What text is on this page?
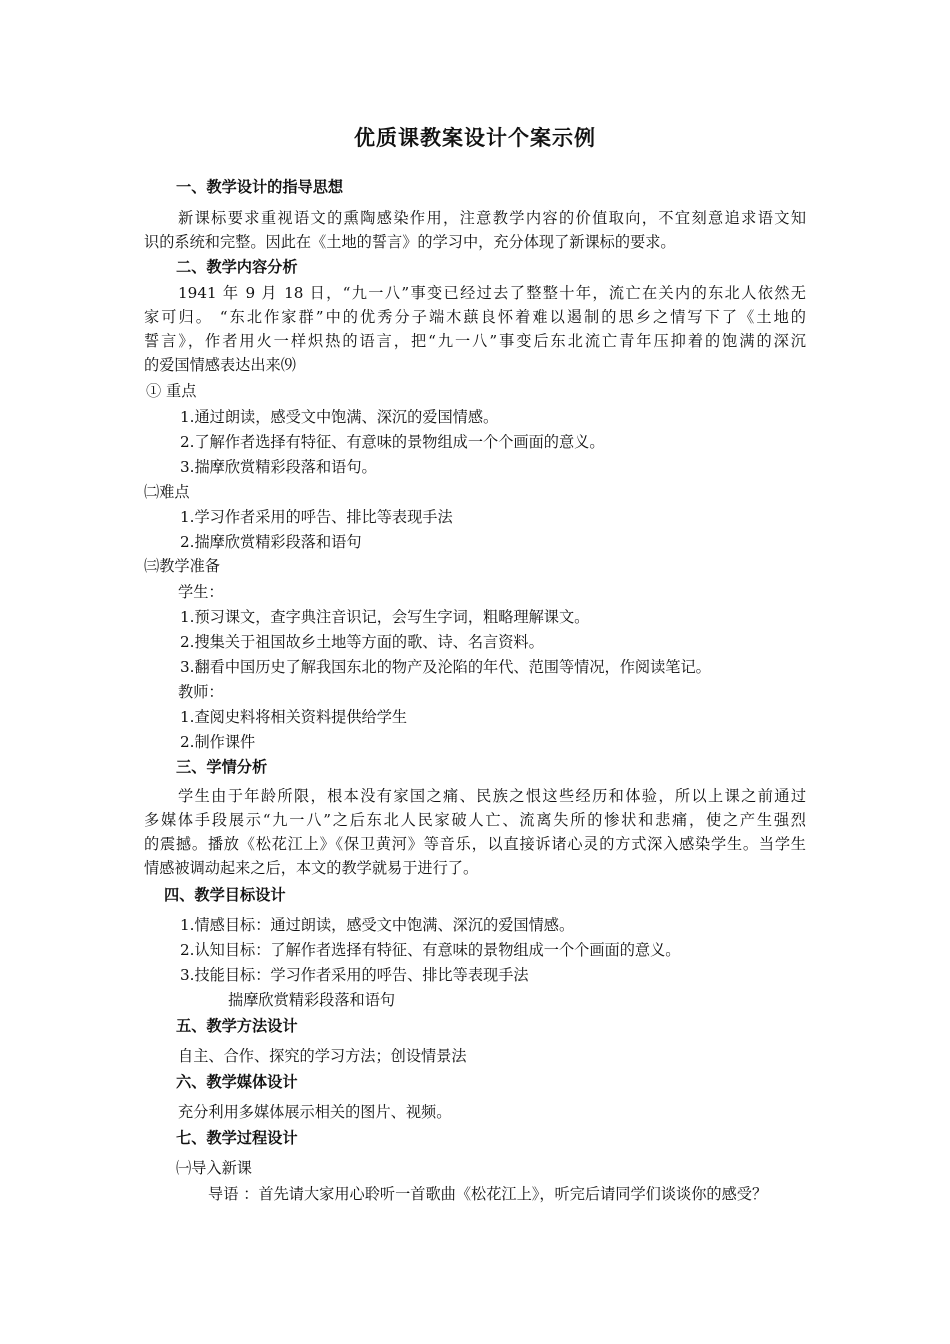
优质课教案设计个案示例
一、教学设计的指导思想
新课标要求重视语文的熏陶感染作用，注意教学内容的价值取向，不宜刻意追求语文知
识的系统和完整。因此在《土地的誓言》的学习中，充分体现了新课标的要求。
二、教学内容分析
1941 年 9 月 18 日，“九一八”事变已经过去了整整十年，流亡在关内的东北人依然无
家可归。 “东北作家群”中的优秀分子端木蕻良怀着难以遏制的思乡之情写下了《土地的
誓言》，作者用火一样炽热的语言，把“九一八”事变后东北流亡青年压抑着的饱满的深沉
的爱国情感表达出来⑼
① 重点
1.通过朗读，感受文中饱满、深沉的爱国情感。
2.了解作者选择有特征、有意味的景物组成一个个画面的意义。
3.揣摩欣赏精彩段落和语句。
㈡难点
1.学习作者采用的呼告、排比等表现手法
2.揣摩欣赏精彩段落和语句
㈢教学准备
学生：
1.预习课文，查字典注音识记，会写生字词，粗略理解课文。
2.搜集关于祖国故乡土地等方面的歌、诗、名言资料。
3.翻看中国历史了解我国东北的物产及沦陷的年代、范围等情况，作阅读笔记。
教师：
1.查阅史料将相关资料提供给学生
2.制作课件
三、学情分析
学生由于年龄所限，根本没有家国之痛、民族之恨这些经历和体验，所以上课之前通过
多媒体手段展示“九一八”之后东北人民家破人亡、流离失所的惨状和悲痛，使之产生强烈
的震撼。播放《松花江上》《保卫黄河》等音乐，以直接诉诸心灵的方式深入感染学生。当学生
情感被调动起来之后，本文的教学就易于进行了。
四、教学目标设计
1.情感目标：通过朗读，感受文中饱满、深沉的爱国情感。
2.认知目标：了解作者选择有特征、有意味的景物组成一个个画面的意义。
3.技能目标：学习作者采用的呼告、排比等表现手法
揣摩欣赏精彩段落和语句
五、教学方法设计
自主、合作、探究的学习方法；创设情景法
六、教学媒体设计
充分利用多媒体展示相关的图片、视频。
七、教学过程设计
㈠导入新课
导语 ：首先请大家用心聆听一首歌曲《松花江上》，听完后请同学们谈谈你的感受？
